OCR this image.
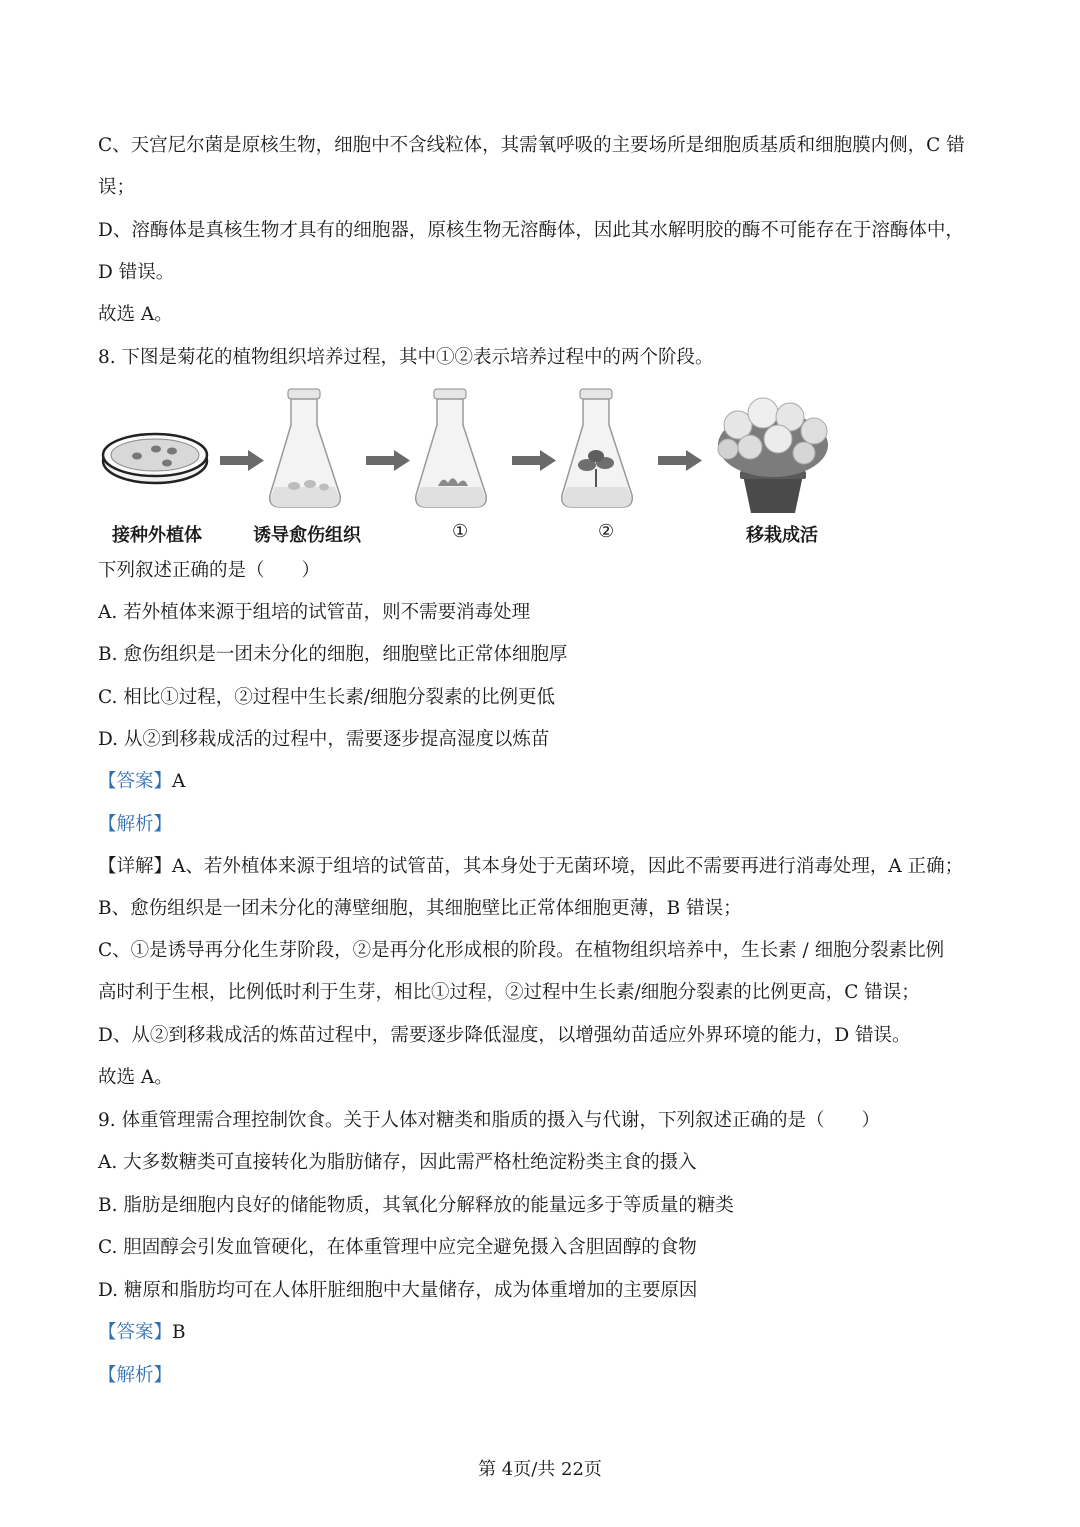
C、天宫尼尔菌是原核生物，细胞中不含线粒体，其需氧呼吸的主要场所是细胞质基质和细胞膜内侧，C 错
误；
D、溶酶体是真核生物才具有的细胞器，原核生物无溶酶体，因此其水解明胶的酶不可能存在于溶酶体中，
D 错误。
故选 A。
8. 下图是菊花的植物组织培养过程，其中①②表示培养过程中的两个阶段。
接种外植体	诱导愈伤组织	①	②	移栽成活
下列叙述正确的是（　　）
A. 若外植体来源于组培的试管苗，则不需要消毒处理
B. 愈伤组织是一团未分化的细胞，细胞壁比正常体细胞厚
C. 相比①过程，②过程中生长素/细胞分裂素的比例更低
D. 从②到移栽成活的过程中，需要逐步提高湿度以炼苗
【答案】A
【解析】
【详解】A、若外植体来源于组培的试管苗，其本身处于无菌环境，因此不需要再进行消毒处理，A 正确；
B、愈伤组织是一团未分化的薄壁细胞，其细胞壁比正常体细胞更薄，B 错误；
C、①是诱导再分化生芽阶段，②是再分化形成根的阶段。在植物组织培养中，生长素 / 细胞分裂素比例
高时利于生根，比例低时利于生芽，相比①过程，②过程中生长素/细胞分裂素的比例更高，C 错误；
D、从②到移栽成活的炼苗过程中，需要逐步降低湿度，以增强幼苗适应外界环境的能力，D 错误。
故选 A。
9. 体重管理需合理控制饮食。关于人体对糖类和脂质的摄入与代谢，下列叙述正确的是（　　）
A. 大多数糖类可直接转化为脂肪储存，因此需严格杜绝淀粉类主食的摄入
B. 脂肪是细胞内良好的储能物质，其氧化分解释放的能量远多于等质量的糖类
C. 胆固醇会引发血管硬化，在体重管理中应完全避免摄入含胆固醇的食物
D. 糖原和脂肪均可在人体肝脏细胞中大量储存，成为体重增加的主要原因
【答案】B
【解析】
第 4页/共 22页
